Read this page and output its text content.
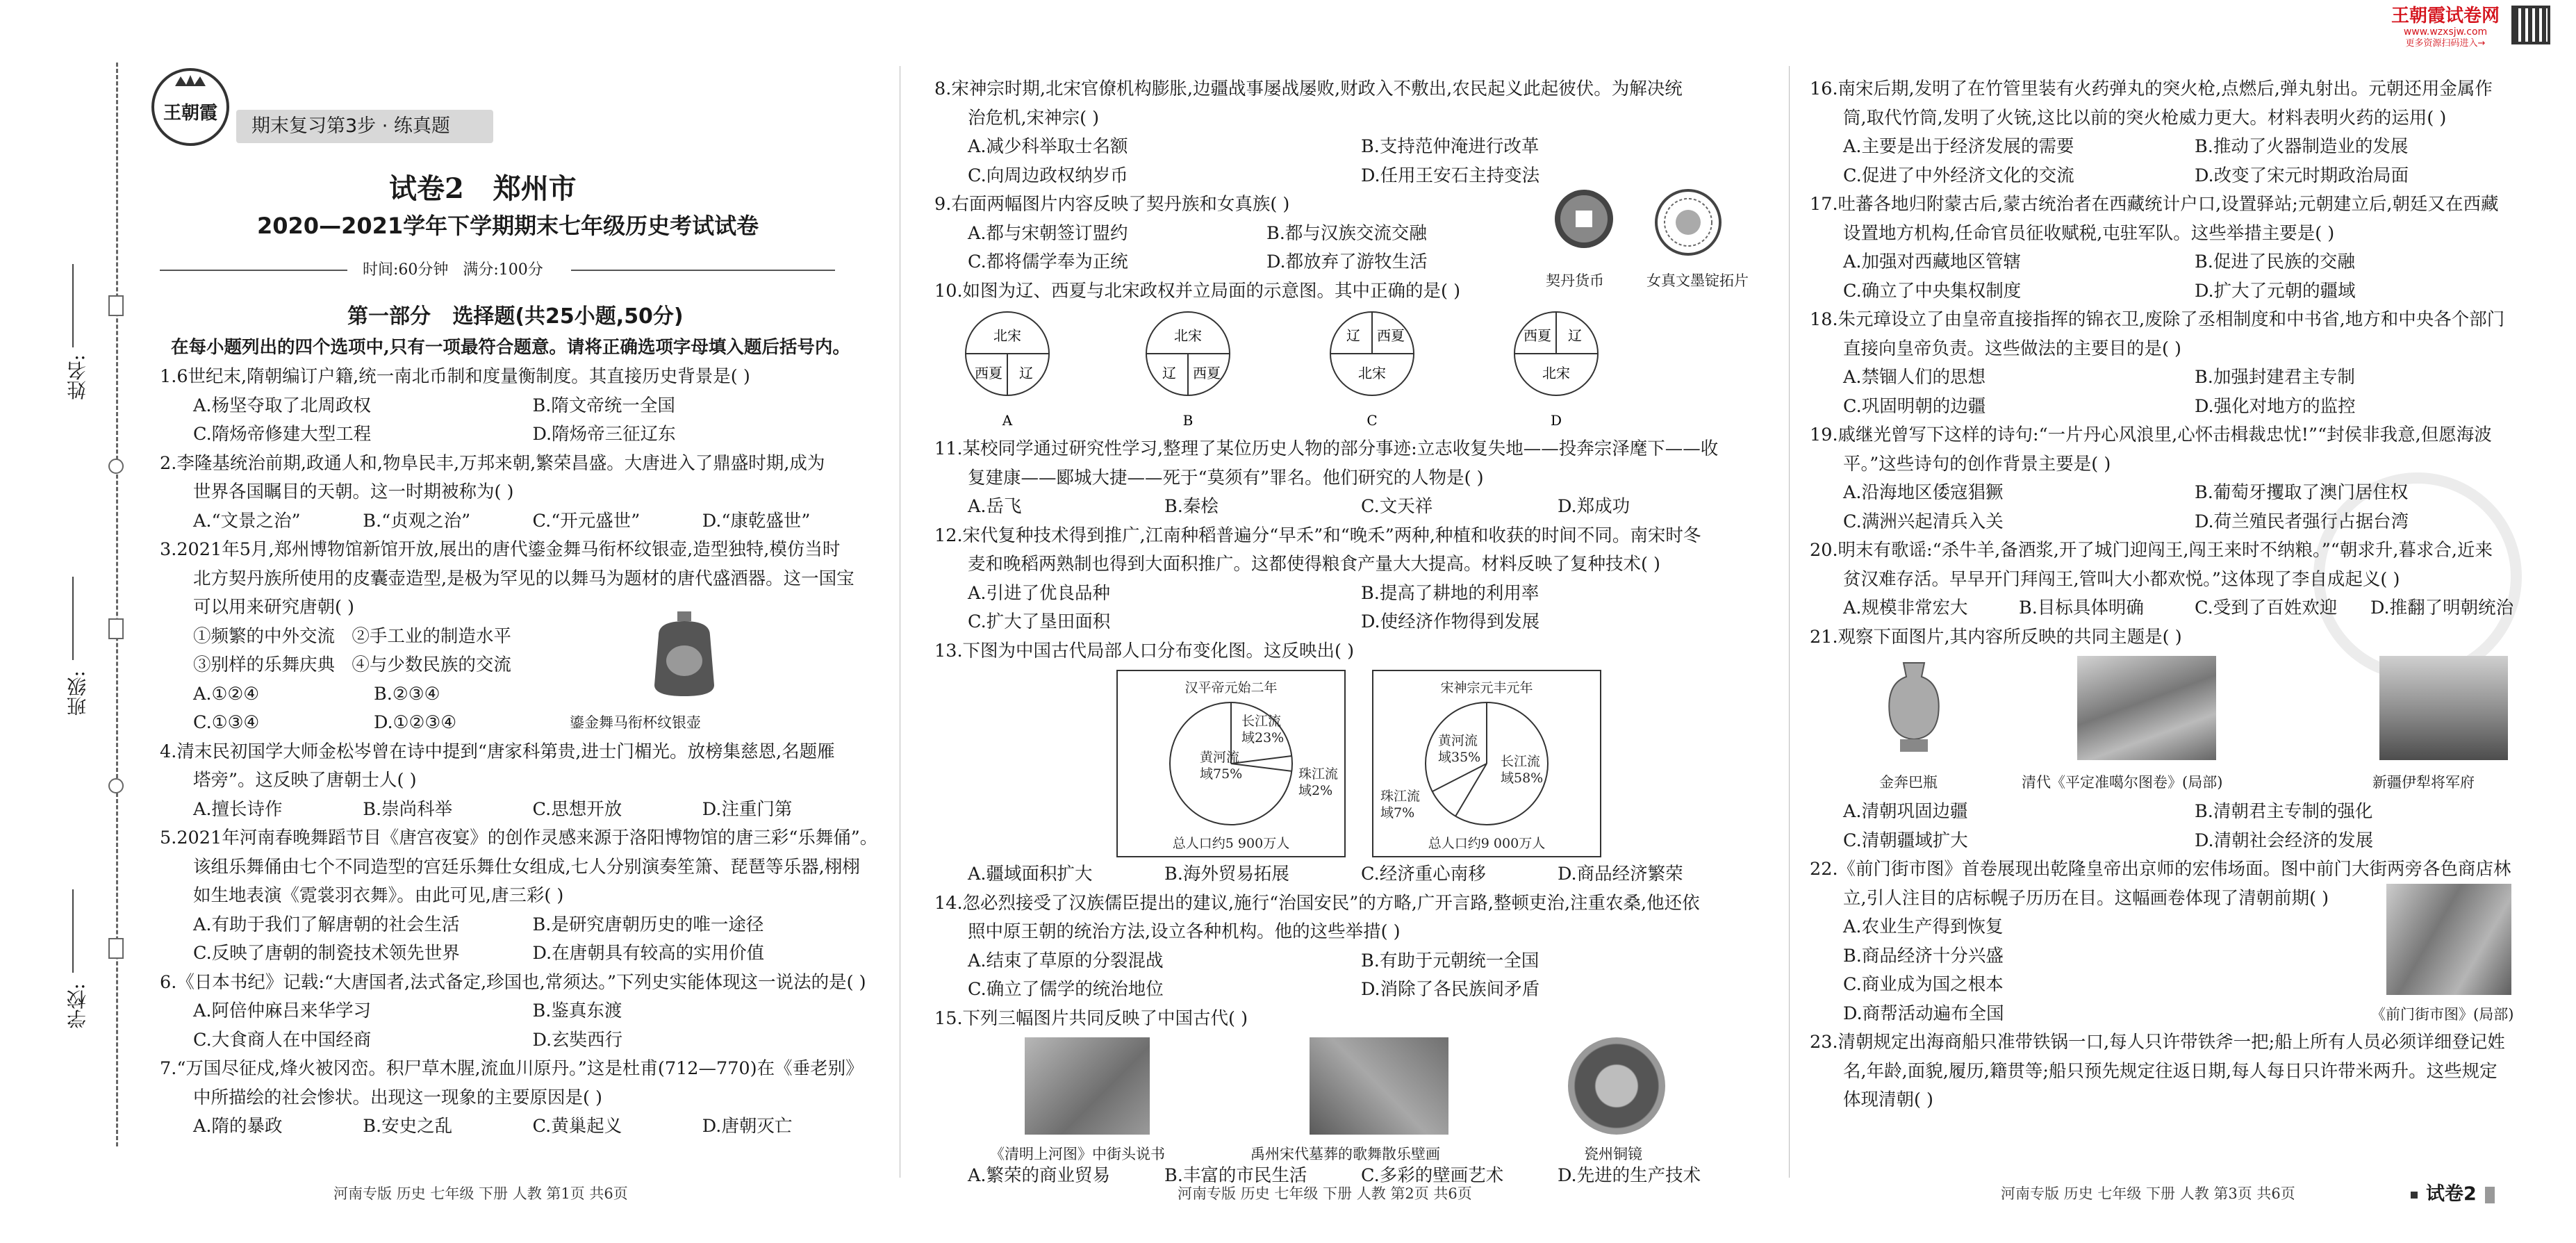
姓名:
班级:
学校:
王朝霞
期末复习第3步 · 练真题
试卷2   郑州市
2020—2021学年下学期期末七年级历史考试试卷
时间:60分钟   满分:100分
第一部分   选择题(共25小题,50分)
在每小题列出的四个选项中,只有一项最符合题意。请将正确选项字母填入题后括号内。
王朝霞试卷网
www.wzxsjw.com
更多资源扫码进入→

1.6世纪末,隋朝编订户籍,统一南北币制和度量衡制度。其直接历史背景是( )

A.杨坚夺取了北周政权	B.隋文帝统一全国
C.隋炀帝修建大型工程	D.隋炀帝三征辽东

2.李隆基统治前期,政通人和,物阜民丰,万邦来朝,繁荣昌盛。大唐进入了鼎盛时期,成为

世界各国瞩目的天朝。这一时期被称为( )

A.“文景之治”	B.“贞观之治”	C.“开元盛世”	D.“康乾盛世”

3.2021年5月,郑州博物馆新馆开放,展出的唐代鎏金舞马衔杯纹银壶,造型独特,模仿当时

北方契丹族所使用的皮囊壶造型,是极为罕见的以舞马为题材的唐代盛酒器。这一国宝

可以用来研究唐朝( )

①频繁的中外交流   ②手工业的制造水平

③别样的乐舞庆典   ④与少数民族的交流

A.①②④	B.②③④
C.①③④	D.①②③④	鎏金舞马衔杯纹银壶

4.清末民初国学大师金松岑曾在诗中提到“唐家科第贵,进士门楣光。放榜集慈恩,名题雁

塔旁”。这反映了唐朝士人( )

A.擅长诗作	B.崇尚科举	C.思想开放	D.注重门第

5.2021年河南春晚舞蹈节目《唐宫夜宴》的创作灵感来源于洛阳博物馆的唐三彩“乐舞俑”。

该组乐舞俑由七个不同造型的宫廷乐舞仕女组成,七人分别演奏笙箫、琵琶等乐器,栩栩

如生地表演《霓裳羽衣舞》。由此可见,唐三彩( )

A.有助于我们了解唐朝的社会生活	B.是研究唐朝历史的唯一途径
C.反映了唐朝的制瓷技术领先世界	D.在唐朝具有较高的实用价值

6.《日本书纪》记载:“大唐国者,法式备定,珍国也,常须达。”下列史实能体现这一说法的是( )

A.阿倍仲麻吕来华学习	B.鉴真东渡
C.大食商人在中国经商	D.玄奘西行

7.“万国尽征戍,烽火被冈峦。积尸草木腥,流血川原丹。”这是杜甫(712—770)在《垂老别》

中所描绘的社会惨状。出现这一现象的主要原因是( )

A.隋的暴政	B.安史之乱	C.黄巢起义	D.唐朝灭亡
河南专版 历史 七年级 下册 人教 第1页 共6页

8.宋神宗时期,北宋官僚机构膨胀,边疆战事屡战屡败,财政入不敷出,农民起义此起彼伏。为解决统

治危机,宋神宗( )

A.减少科举取士名额	B.支持范仲淹进行改革
C.向周边政权纳岁币	D.任用王安石主持变法

9.右面两幅图片内容反映了契丹族和女真族( )

A.都与宋朝签订盟约	B.都与汉族交流交融
C.都将儒学奉为正统	D.都放弃了游牧生活
契丹货币	女真文墨锭拓片

10.如图为辽、西夏与北宋政权并立局面的示意图。其中正确的是( )

北宋
西夏 辽
A
北宋
辽 西夏
B
辽 西夏
北宋
C
西夏 辽
北宋
D

11.某校同学通过研究性学习,整理了某位历史人物的部分事迹:立志收复失地——投奔宗泽麾下——收

复建康——郾城大捷——死于“莫须有”罪名。他们研究的人物是( )

A.岳飞	B.秦桧	C.文天祥	D.郑成功

12.宋代复种技术得到推广,江南种稻普遍分“早禾”和“晚禾”两种,种植和收获的时间不同。南宋时冬

麦和晚稻两熟制也得到大面积推广。这都使得粮食产量大大提高。材料反映了复种技术( )

A.引进了优良品种	B.提高了耕地的利用率
C.扩大了垦田面积	D.使经济作物得到发展

13.下图为中国古代局部人口分布变化图。这反映出( )

汉平帝元始二年
黄河流
域75%
长江流
域23%
珠江流
域2%
总人口约5 900万人
宋神宗元丰元年
黄河流
域35% 长江流
域58%
珠江流
域7%
总人口约9 000万人
A.疆域面积扩大	B.海外贸易拓展	C.经济重心南移	D.商品经济繁荣

14.忽必烈接受了汉族儒臣提出的建议,施行“治国安民”的方略,广开言路,整顿吏治,注重农桑,他还依

照中原王朝的统治方法,设立各种机构。他的这些举措( )

A.结束了草原的分裂混战	B.有助于元朝统一全国
C.确立了儒学的统治地位	D.消除了各民族间矛盾

15.下列三幅图片共同反映了中国古代( )

《清明上河图》中街头说书	禹州宋代墓葬的歌舞散乐壁画	瓷州铜镜
A.繁荣的商业贸易	B.丰富的市民生活	C.多彩的壁画艺术	D.先进的生产技术
河南专版 历史 七年级 下册 人教 第2页 共6页

16.南宋后期,发明了在竹管里装有火药弹丸的突火枪,点燃后,弹丸射出。元朝还用金属作

筒,取代竹筒,发明了火铳,这比以前的突火枪威力更大。材料表明火药的运用( )

A.主要是出于经济发展的需要	B.推动了火器制造业的发展
C.促进了中外经济文化的交流	D.改变了宋元时期政治局面

17.吐蕃各地归附蒙古后,蒙古统治者在西藏统计户口,设置驿站;元朝建立后,朝廷又在西藏

设置地方机构,任命官员征收赋税,屯驻军队。这些举措主要是( )

A.加强对西藏地区管辖	B.促进了民族的交融
C.确立了中央集权制度	D.扩大了元朝的疆域

18.朱元璋设立了由皇帝直接指挥的锦衣卫,废除了丞相制度和中书省,地方和中央各个部门

直接向皇帝负责。这些做法的主要目的是( )

A.禁锢人们的思想	B.加强封建君主专制
C.巩固明朝的边疆	D.强化对地方的监控

19.戚继光曾写下这样的诗句:“一片丹心风浪里,心怀击楫裁忠忧!”“封侯非我意,但愿海波

平。”这些诗句的创作背景主要是( )

A.沿海地区倭寇猖獗	B.葡萄牙攫取了澳门居住权
C.满洲兴起清兵入关	D.荷兰殖民者强行占据台湾

20.明末有歌谣:“杀牛羊,备酒浆,开了城门迎闯王,闯王来时不纳粮。”“朝求升,暮求合,近来

贫汉难存活。早早开门拜闯王,管叫大小都欢悦。”这体现了李自成起义( )

A.规模非常宏大	B.目标具体明确	C.受到了百姓欢迎	D.推翻了明朝统治

21.观察下面图片,其内容所反映的共同主题是( )

金奔巴瓶	清代《平定准噶尔图卷》(局部)	新疆伊犁将军府
A.清朝巩固边疆	B.清朝君主专制的强化
C.清朝疆域扩大	D.清朝社会经济的发展

22.《前门街市图》首卷展现出乾隆皇帝出京师的宏伟场面。图中前门大街两旁各色商店林

立,引人注目的店标幌子历历在目。这幅画卷体现了清朝前期( )

A.农业生产得到恢复

B.商品经济十分兴盛

C.商业成为国之根本

D.商帮活动遍布全国	《前门街市图》(局部)

23.清朝规定出海商船只准带铁锅一口,每人只许带铁斧一把;船上所有人员必须详细登记姓

名,年龄,面貌,履历,籍贯等;船只预先规定往返日期,每人每日只许带米两升。这些规定

体现清朝( )

河南专版 历史 七年级 下册 人教 第3页 共6页	试卷2
